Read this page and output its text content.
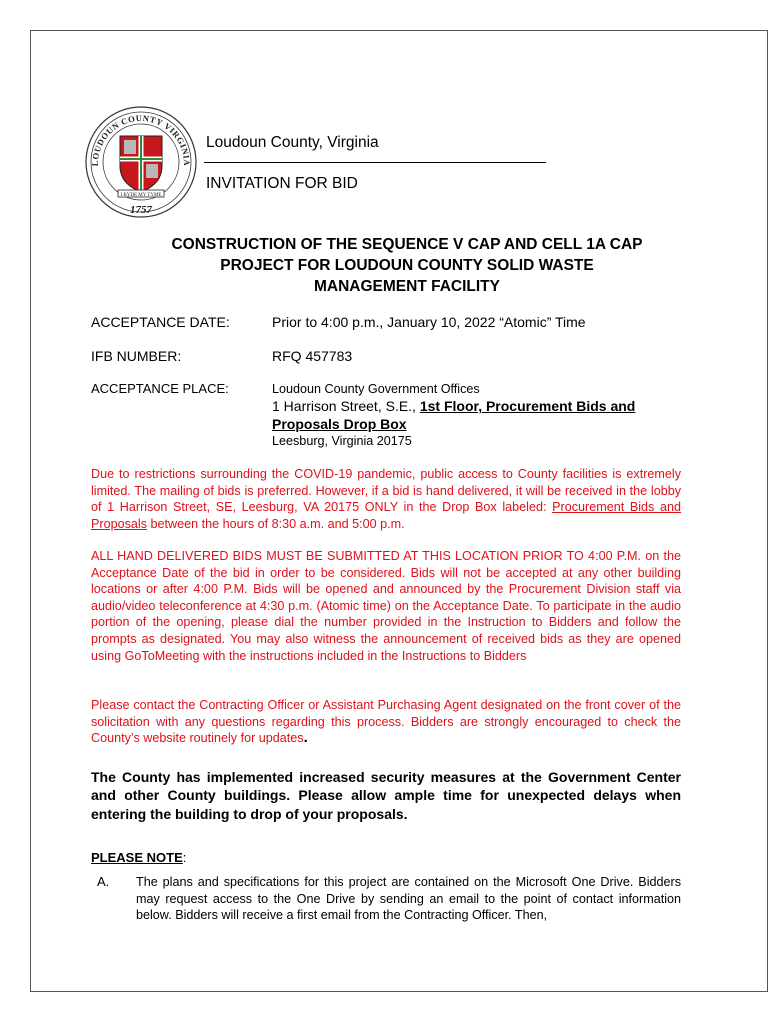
LOUDOUN COUNTY VIRGINIA
I BYDE MY TYME
1757
Loudoun County, Virginia
INVITATION FOR BID
CONSTRUCTION OF THE SEQUENCE V CAP AND CELL 1A CAP
PROJECT FOR LOUDOUN COUNTY SOLID WASTE
MANAGEMENT FACILITY
ACCEPTANCE DATE:	Prior to 4:00 p.m., January 10, 2022 “Atomic” Time
IFB NUMBER:	RFQ 457783
ACCEPTANCE PLACE:	Loudoun County Government Offices
1 Harrison Street, S.E., 1st Floor, Procurement Bids and
Proposals Drop Box
Leesburg, Virginia 20175
Due to restrictions surrounding the COVID-19 pandemic, public access to County facilities is extremely limited. The mailing of bids is preferred. However, if a bid is hand delivered, it will be received in the lobby of 1 Harrison Street, SE, Leesburg, VA 20175 ONLY in the Drop Box labeled: Procurement Bids and Proposals between the hours of 8:30 a.m. and 5:00 p.m.
ALL HAND DELIVERED BIDS MUST BE SUBMITTED AT THIS LOCATION PRIOR TO 4:00 P.M. on the Acceptance Date of the bid in order to be considered. Bids will not be accepted at any other building locations or after 4:00 P.M. Bids will be opened and announced by the Procurement Division staff via audio/video teleconference at 4:30 p.m. (Atomic time) on the Acceptance Date. To participate in the audio portion of the opening, please dial the number provided in the Instruction to Bidders and follow the prompts as designated. You may also witness the announcement of received bids as they are opened using GoToMeeting with the instructions included in the Instructions to Bidders
Please contact the Contracting Officer or Assistant Purchasing Agent designated on the front cover of the solicitation with any questions regarding this process. Bidders are strongly encouraged to check the County’s website routinely for updates.
The County has implemented increased security measures at the Government Center and other County buildings. Please allow ample time for unexpected delays when entering the building to drop of your proposals.
PLEASE NOTE:
A. The plans and specifications for this project are contained on the Microsoft One Drive. Bidders may request access to the One Drive by sending an email to the point of contact information below. Bidders will receive a first email from the Contracting Officer. Then,
